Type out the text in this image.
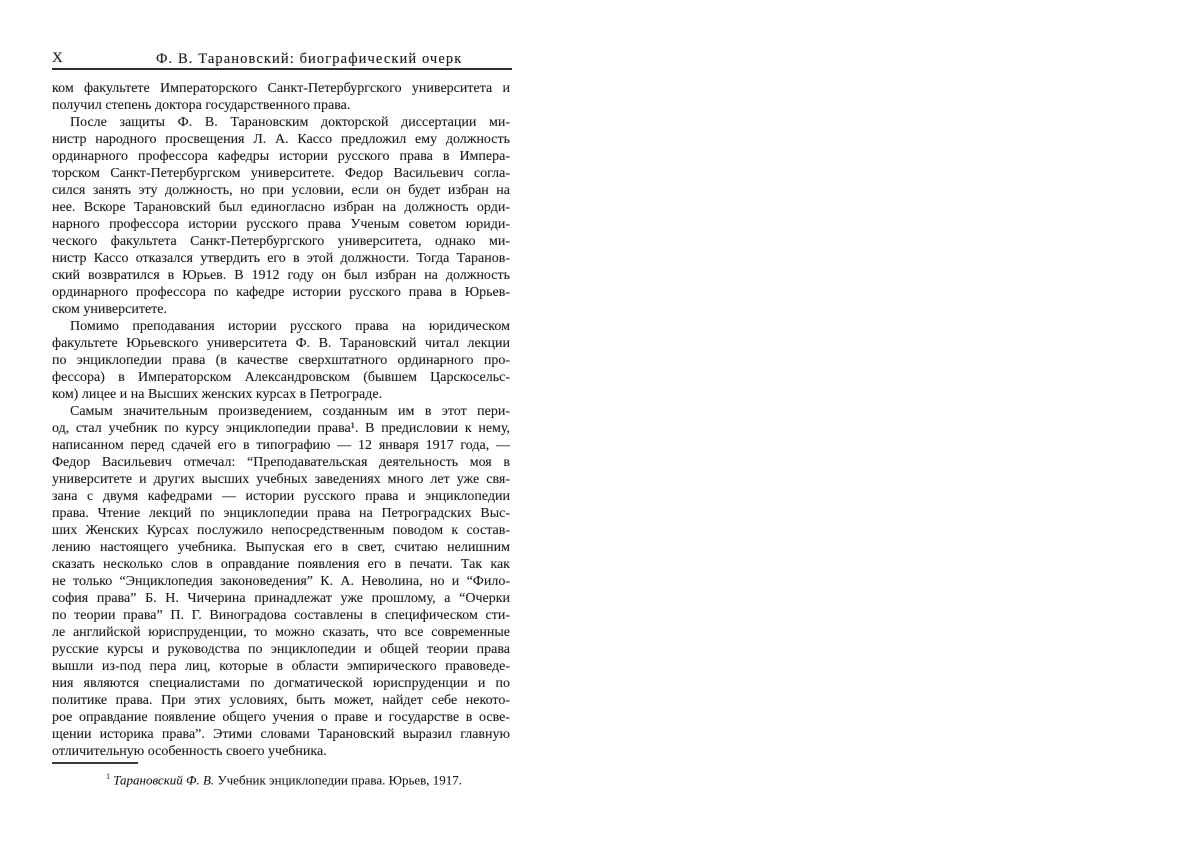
X	Ф. В. Тарановский: биографический очерк
ком факультете Императорского Санкт-Петербургского университета и
получил степень доктора государственного права.
После защиты Ф. В. Тарановским докторской диссертации ми-
нистр народного просвещения Л. А. Кассо предложил ему должность
ординарного профессора кафедры истории русского права в Импера-
торском Санкт-Петербургском университете. Федор Васильевич согла-
сился занять эту должность, но при условии, если он будет избран на
нее. Вскоре Тарановский был единогласно избран на должность орди-
нарного профессора истории русского права Ученым советом юриди-
ческого факультета Санкт-Петербургского университета, однако ми-
нистр Кассо отказался утвердить его в этой должности. Тогда Таранов-
ский возвратился в Юрьев. В 1912 году он был избран на должность
ординарного профессора по кафедре истории русского права в Юрьев-
ском университете.
Помимо преподавания истории русского права на юридическом
факультете Юрьевского университета Ф. В. Тарановский читал лекции
по энциклопедии права (в качестве сверхштатного ординарного про-
фессора) в Императорском Александровском (бывшем Царскосельс-
ком) лицее и на Высших женских курсах в Петрограде.
Самым значительным произведением, созданным им в этот пери-
од, стал учебник по курсу энциклопедии права¹. В предисловии к нему,
написанном перед сдачей его в типографию — 12 января 1917 года, —
Федор Васильевич отмечал: “Преподавательская деятельность моя в
университете и других высших учебных заведениях много лет уже свя-
зана с двумя кафедрами — истории русского права и энциклопедии
права. Чтение лекций по энциклопедии права на Петроградских Выс-
ших Женских Курсах послужило непосредственным поводом к состав-
лению настоящего учебника. Выпуская его в свет, считаю нелишним
сказать несколько слов в оправдание появления его в печати. Так как
не только “Энциклопедия законоведения” К. А. Неволина, но и “Фило-
софия права” Б. Н. Чичерина принадлежат уже прошлому, а “Очерки
по теории права” П. Г. Виноградова составлены в специфическом сти-
ле английской юриспруденции, то можно сказать, что все современные
русские курсы и руководства по энциклопедии и общей теории права
вышли из-под пера лиц, которые в области эмпирического правоведе-
ния являются специалистами по догматической юриспруденции и по
политике права. При этих условиях, быть может, найдет себе некото-
рое оправдание появление общего учения о праве и государстве в осве-
щении историка права”. Этими словами Тарановский выразил главную
отличительную особенность своего учебника.
$^1$ Тарановский Ф. В. Учебник энциклопедии права. Юрьев, 1917.
